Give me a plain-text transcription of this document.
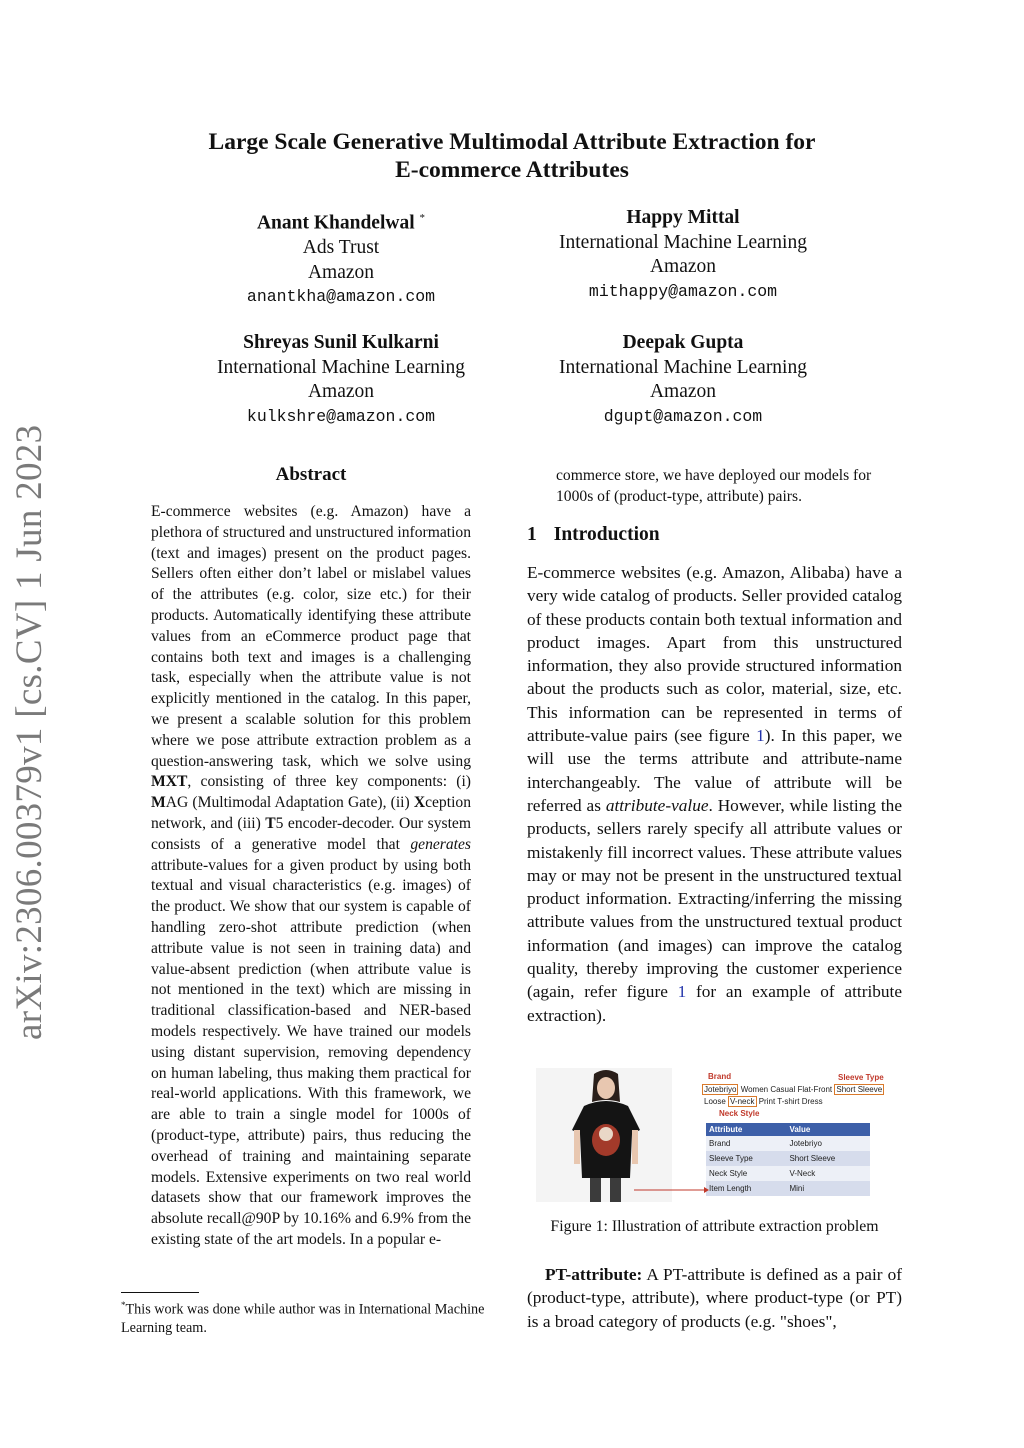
arXiv:2306.00379v1 [cs.CV] 1 Jun 2023
Large Scale Generative Multimodal Attribute Extraction for
E-commerce Attributes
Anant Khandelwal *
Ads Trust
Amazon
anantkha@amazon.com
Happy Mittal
International Machine Learning
Amazon
mithappy@amazon.com
Shreyas Sunil Kulkarni
International Machine Learning
Amazon
kulkshre@amazon.com
Deepak Gupta
International Machine Learning
Amazon
dgupt@amazon.com
Abstract
E-commerce websites (e.g. Amazon) have a plethora of structured and unstructured information (text and images) present on the product pages. Sellers often either don’t label or mislabel values of the attributes (e.g. color, size etc.) for their products. Automatically identifying these attribute values from an eCommerce product page that contains both text and images is a challenging task, especially when the attribute value is not explicitly mentioned in the catalog. In this paper, we present a scalable solution for this problem where we pose attribute extraction problem as a question-answering task, which we solve using MXT, consisting of three key components: (i) MAG (Multimodal Adaptation Gate), (ii) Xception network, and (iii) T5 encoder-decoder. Our system consists of a generative model that generates attribute-values for a given product by using both textual and visual characteristics (e.g. images) of the product. We show that our system is capable of handling zero-shot attribute prediction (when attribute value is not seen in training data) and value-absent prediction (when attribute value is not mentioned in the text) which are missing in traditional classification-based and NER-based models respectively. We have trained our models using distant supervision, removing dependency on human labeling, thus making them practical for real-world applications. With this framework, we are able to train a single model for 1000s of (product-type, attribute) pairs, thus reducing the overhead of training and maintaining separate models. Extensive experiments on two real world datasets show that our framework improves the absolute recall@90P by 10.16% and 6.9% from the existing state of the art models. In a popular e-
*This work was done while author was in International Machine Learning team.
commerce store, we have deployed our models for 1000s of (product-type, attribute) pairs.
1 Introduction
E-commerce websites (e.g. Amazon, Alibaba) have a very wide catalog of products. Seller provided catalog of these products contain both textual information and product images. Apart from this unstructured information, they also provide structured information about the products such as color, material, size, etc. This information can be represented in terms of attribute-value pairs (see figure 1). In this paper, we will use the terms attribute and attribute-name interchangeably. The value of attribute will be referred as attribute-value. However, while listing the products, sellers rarely specify all attribute values or mistakenly fill incorrect values. These attribute values may or may not be present in the unstructured textual product information. Extracting/inferring the missing attribute values from the unstructured textual product information (and images) can improve the catalog quality, thereby improving the customer experience (again, refer figure 1 for an example of attribute extraction).
Brand	Sleeve Type
Jotebriyo Women Casual Flat-Front Short Sleeve
Loose V-neck Print T-shirt Dress
Neck Style
Attribute	Value
Brand	Jotebriyo
Sleeve Type	Short Sleeve
Neck Style	V-Neck
Item Length	Mini
Figure 1: Illustration of attribute extraction problem
PT-attribute: A PT-attribute is defined as a pair of (product-type, attribute), where product-type (or PT) is a broad category of products (e.g. "shoes",
